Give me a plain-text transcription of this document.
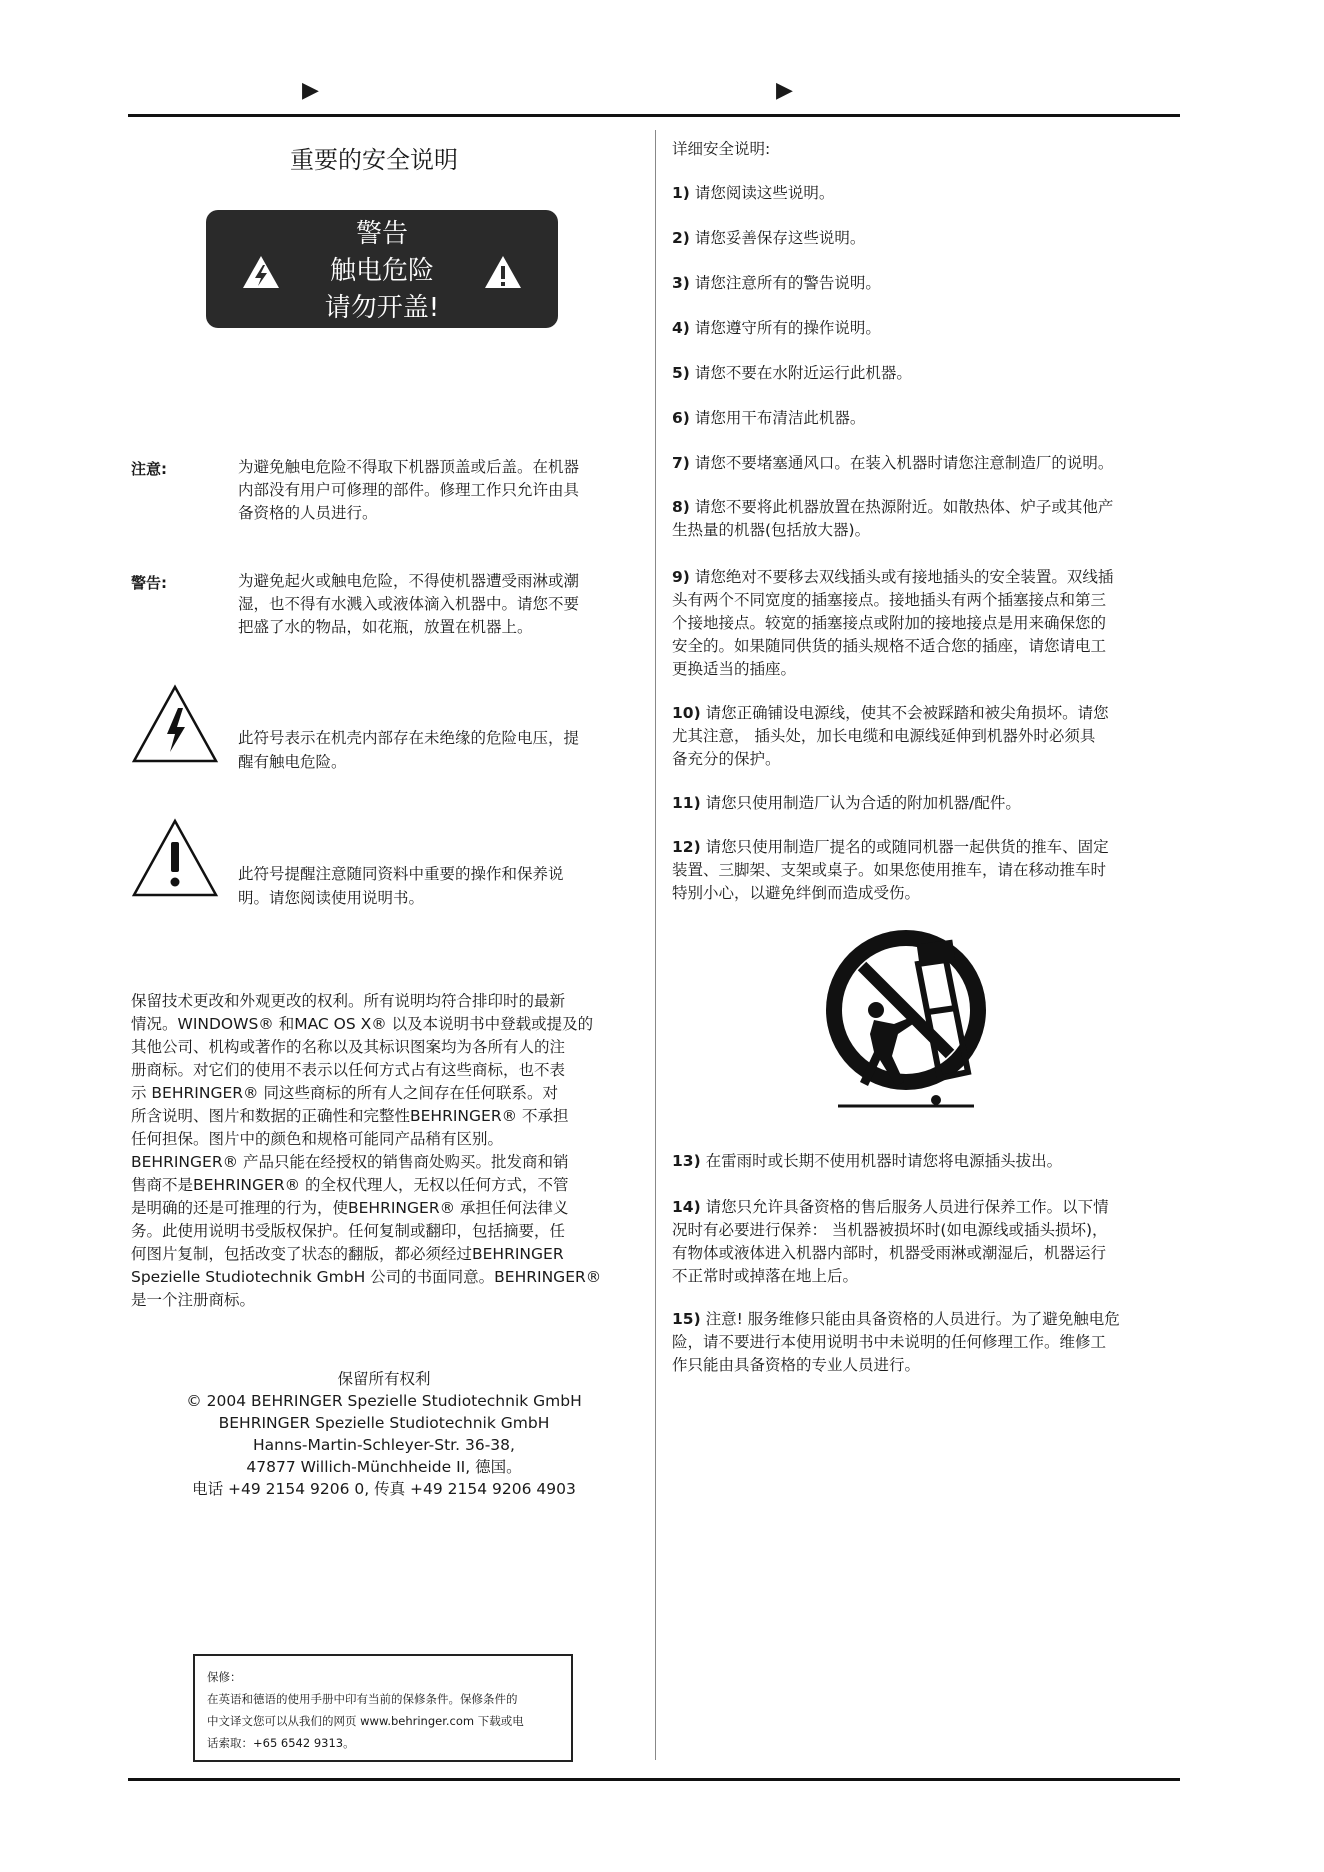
▶	▶
重要的安全说明
警告
触电危险
请勿开盖!
注意:	为避免触电危险不得取下机器顶盖或后盖。在机器
内部没有用户可修理的部件。修理工作只允许由具
备资格的人员进行。
警告:	为避免起火或触电危险，不得使机器遭受雨淋或潮
湿，也不得有水溅入或液体滴入机器中。请您不要
把盛了水的物品，如花瓶，放置在机器上。
此符号表示在机壳内部存在未绝缘的危险电压，提
醒有触电危险。
此符号提醒注意随同资料中重要的操作和保养说
明。请您阅读使用说明书。
保留技术更改和外观更改的权利。所有说明均符合排印时的最新
情况。WINDOWS® 和MAC OS X® 以及本说明书中登载或提及的
其他公司、机构或著作的名称以及其标识图案均为各所有人的注
册商标。对它们的使用不表示以任何方式占有这些商标，也不表
示 BEHRINGER® 同这些商标的所有人之间存在任何联系。对
所含说明、图片和数据的正确性和完整性BEHRINGER® 不承担
任何担保。图片中的颜色和规格可能同产品稍有区别。
BEHRINGER® 产品只能在经授权的销售商处购买。批发商和销
售商不是BEHRINGER® 的全权代理人，无权以任何方式，不管
是明确的还是可推理的行为，使BEHRINGER® 承担任何法律义
务。此使用说明书受版权保护。任何复制或翻印，包括摘要，任
何图片复制，包括改变了状态的翻版，都必须经过BEHRINGER
Spezielle Studiotechnik GmbH 公司的书面同意。BEHRINGER®
是一个注册商标。
保留所有权利
© 2004 BEHRINGER Spezielle Studiotechnik GmbH
BEHRINGER Spezielle Studiotechnik GmbH
Hanns-Martin-Schleyer-Str. 36-38,
47877 Willich-Münchheide II, 德国。
电话 +49 2154 9206 0, 传真 +49 2154 9206 4903
保修：
在英语和德语的使用手册中印有当前的保修条件。保修条件的
中文译文您可以从我们的网页 www.behringer.com 下载或电
话索取：+65 6542 9313。
详细安全说明:
1) 请您阅读这些说明。
2) 请您妥善保存这些说明。
3) 请您注意所有的警告说明。
4) 请您遵守所有的操作说明。
5) 请您不要在水附近运行此机器。
6) 请您用干布清洁此机器。
7) 请您不要堵塞通风口。在装入机器时请您注意制造厂的说明。
8) 请您不要将此机器放置在热源附近。如散热体、炉子或其他产
生热量的机器(包括放大器)。
9) 请您绝对不要移去双线插头或有接地插头的安全装置。双线插
头有两个不同宽度的插塞接点。接地插头有两个插塞接点和第三
个接地接点。较宽的插塞接点或附加的接地接点是用来确保您的
安全的。如果随同供货的插头规格不适合您的插座，请您请电工
更换适当的插座。
10) 请您正确铺设电源线，使其不会被踩踏和被尖角损坏。请您
尤其注意， 插头处，加长电缆和电源线延伸到机器外时必须具
备充分的保护。
11) 请您只使用制造厂认为合适的附加机器/配件。
12) 请您只使用制造厂提名的或随同机器一起供货的推车、固定
装置、三脚架、支架或桌子。如果您使用推车，请在移动推车时
特别小心，以避免绊倒而造成受伤。
13) 在雷雨时或长期不使用机器时请您将电源插头拔出。
14) 请您只允许具备资格的售后服务人员进行保养工作。以下情
况时有必要进行保养： 当机器被损坏时(如电源线或插头损坏)，
有物体或液体进入机器内部时，机器受雨淋或潮湿后，机器运行
不正常时或掉落在地上后。
15) 注意! 服务维修只能由具备资格的人员进行。为了避免触电危
险，请不要进行本使用说明书中未说明的任何修理工作。维修工
作只能由具备资格的专业人员进行。
